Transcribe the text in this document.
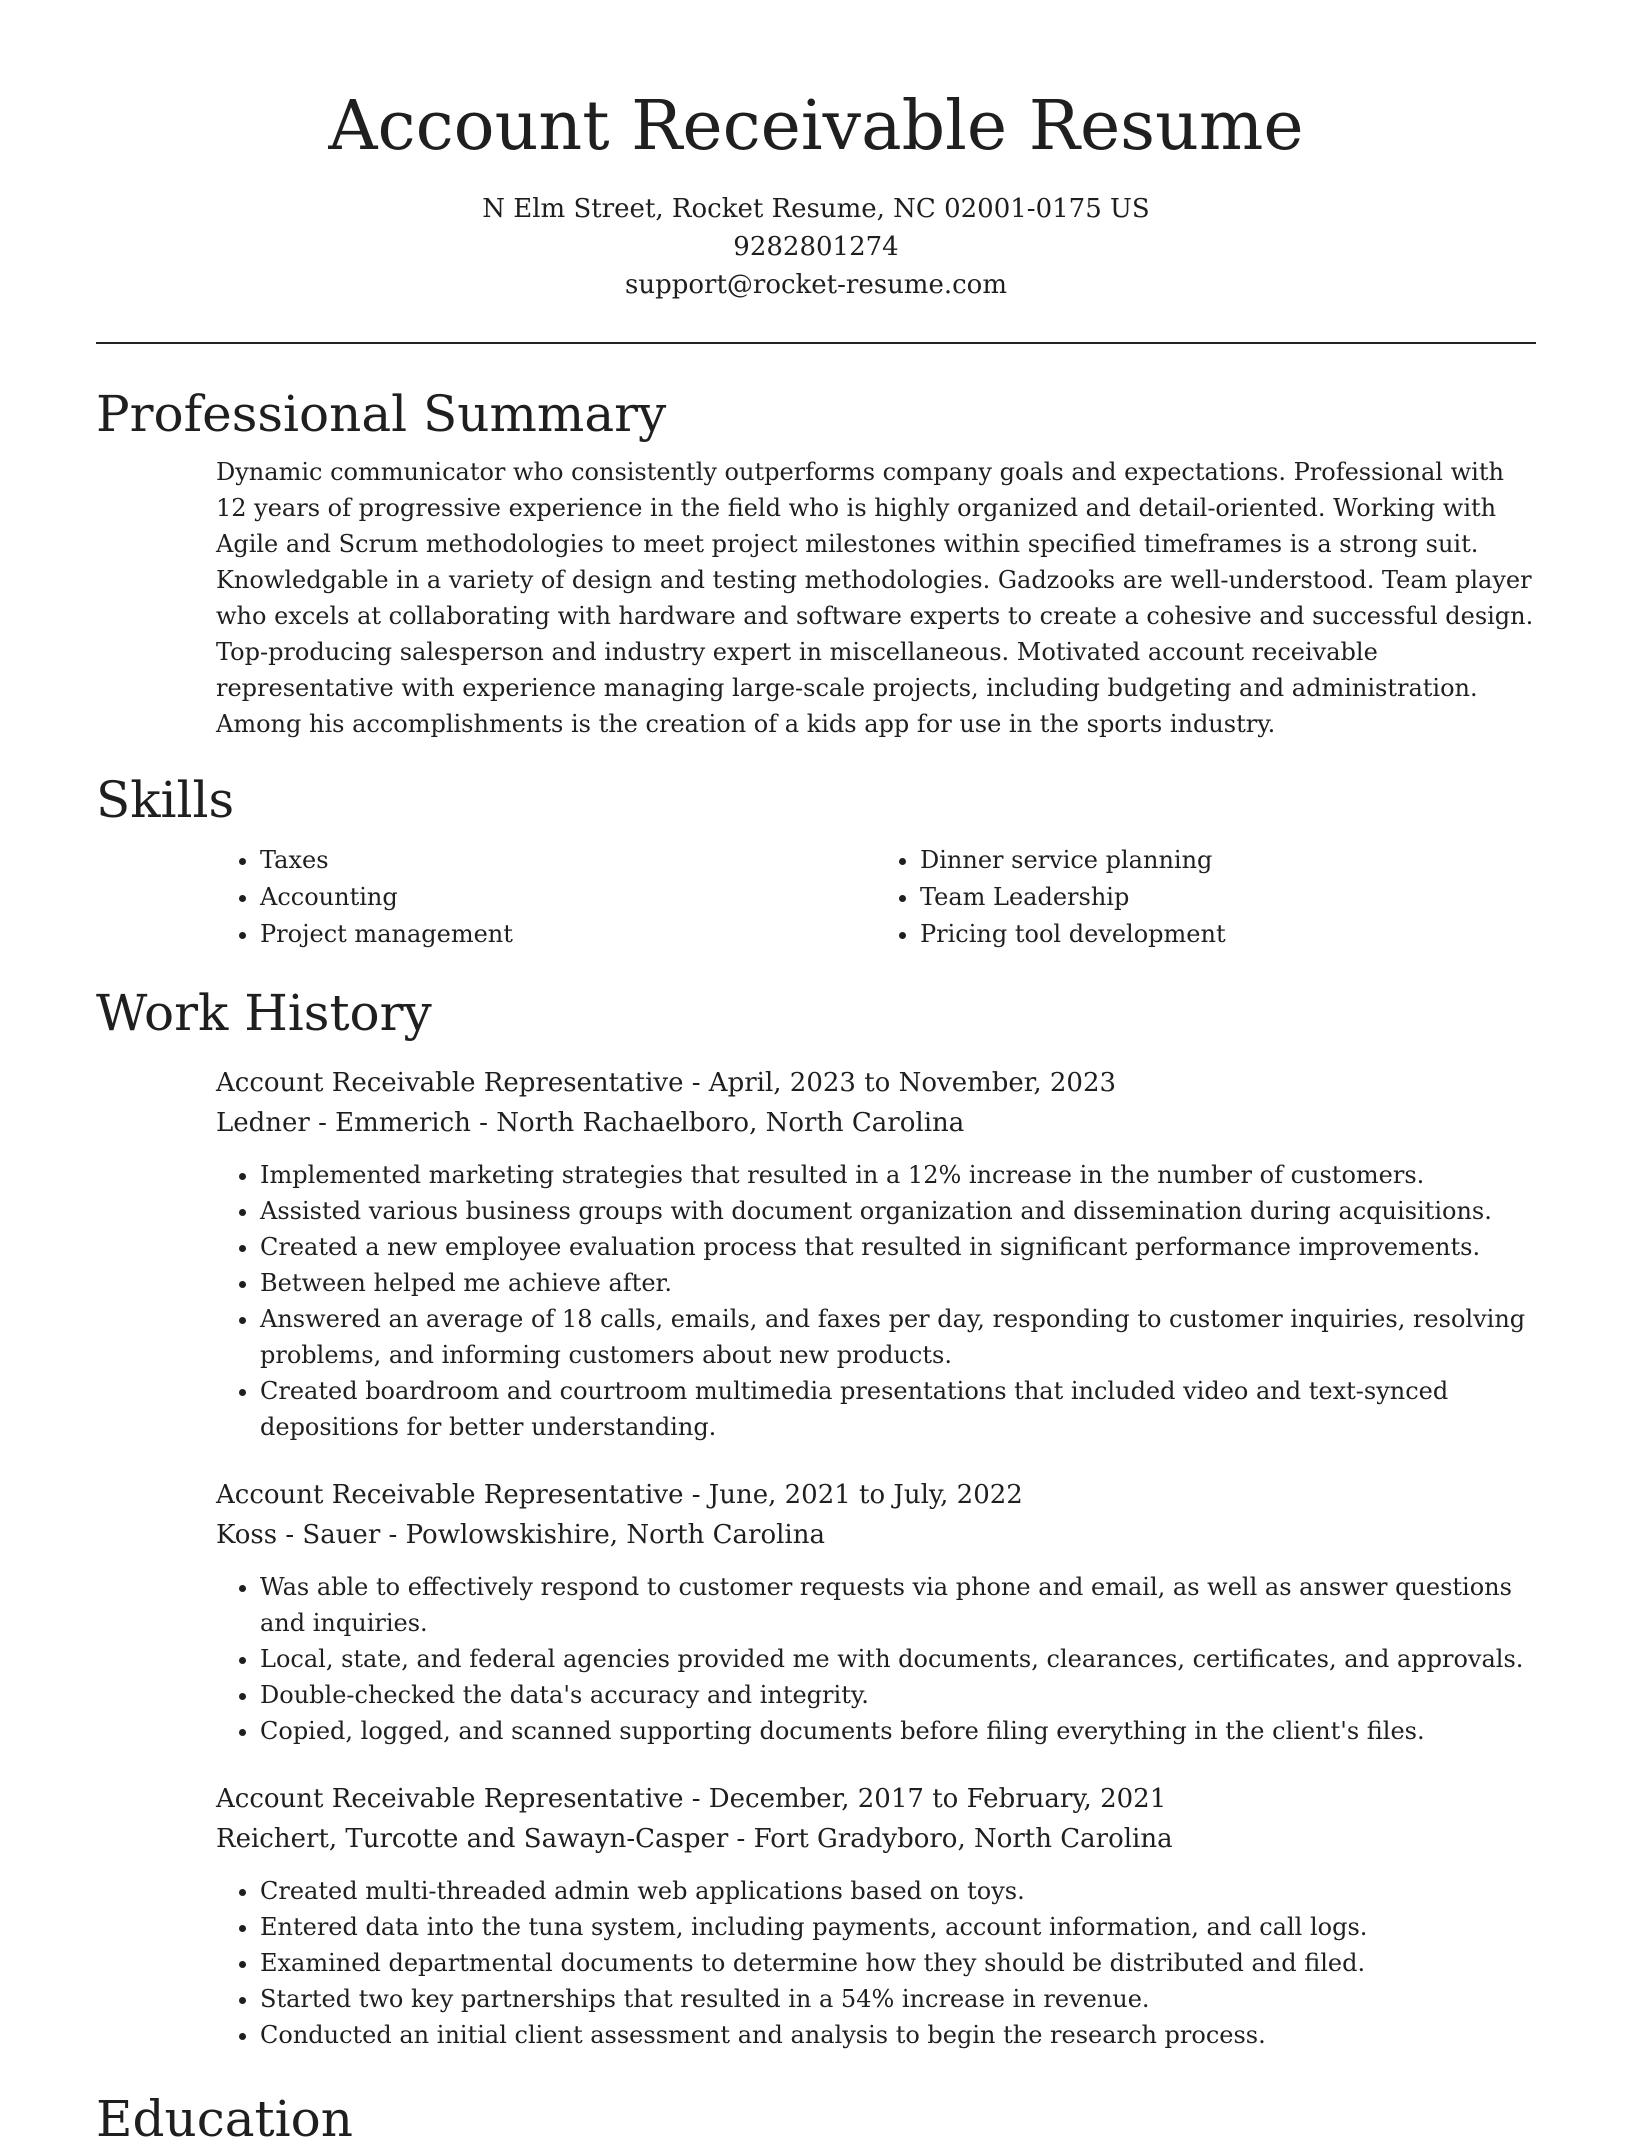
Account Receivable Resume
N Elm Street, Rocket Resume, NC 02001-0175 US
9282801274
support@rocket-resume.com
Professional Summary
Dynamic communicator who consistently outperforms company goals and expectations. Professional with 12 years of progressive experience in the field who is highly organized and detail-oriented. Working with Agile and Scrum methodologies to meet project milestones within specified timeframes is a strong suit. Knowledgable in a variety of design and testing methodologies. Gadzooks are well-understood. Team player who excels at collaborating with hardware and software experts to create a cohesive and successful design. Top-producing salesperson and industry expert in miscellaneous. Motivated account receivable representative with experience managing large-scale projects, including budgeting and administration. Among his accomplishments is the creation of a kids app for use in the sports industry.
Skills
• Taxes
• Accounting
• Project management
• Dinner service planning
• Team Leadership
• Pricing tool development
Work History
Account Receivable Representative - April, 2023 to November, 2023
Ledner - Emmerich - North Rachaelboro, North Carolina
• Implemented marketing strategies that resulted in a 12% increase in the number of customers.
• Assisted various business groups with document organization and dissemination during acquisitions.
• Created a new employee evaluation process that resulted in significant performance improvements.
• Between helped me achieve after.
• Answered an average of 18 calls, emails, and faxes per day, responding to customer inquiries, resolving problems, and informing customers about new products.
• Created boardroom and courtroom multimedia presentations that included video and text-synced depositions for better understanding.
Account Receivable Representative - June, 2021 to July, 2022
Koss - Sauer - Powlowskishire, North Carolina
• Was able to effectively respond to customer requests via phone and email, as well as answer questions and inquiries.
• Local, state, and federal agencies provided me with documents, clearances, certificates, and approvals.
• Double-checked the data's accuracy and integrity.
• Copied, logged, and scanned supporting documents before filing everything in the client's files.
Account Receivable Representative - December, 2017 to February, 2021
Reichert, Turcotte and Sawayn-Casper - Fort Gradyboro, North Carolina
• Created multi-threaded admin web applications based on toys.
• Entered data into the tuna system, including payments, account information, and call logs.
• Examined departmental documents to determine how they should be distributed and filed.
• Started two key partnerships that resulted in a 54% increase in revenue.
• Conducted an initial client assessment and analysis to begin the research process.
Education
